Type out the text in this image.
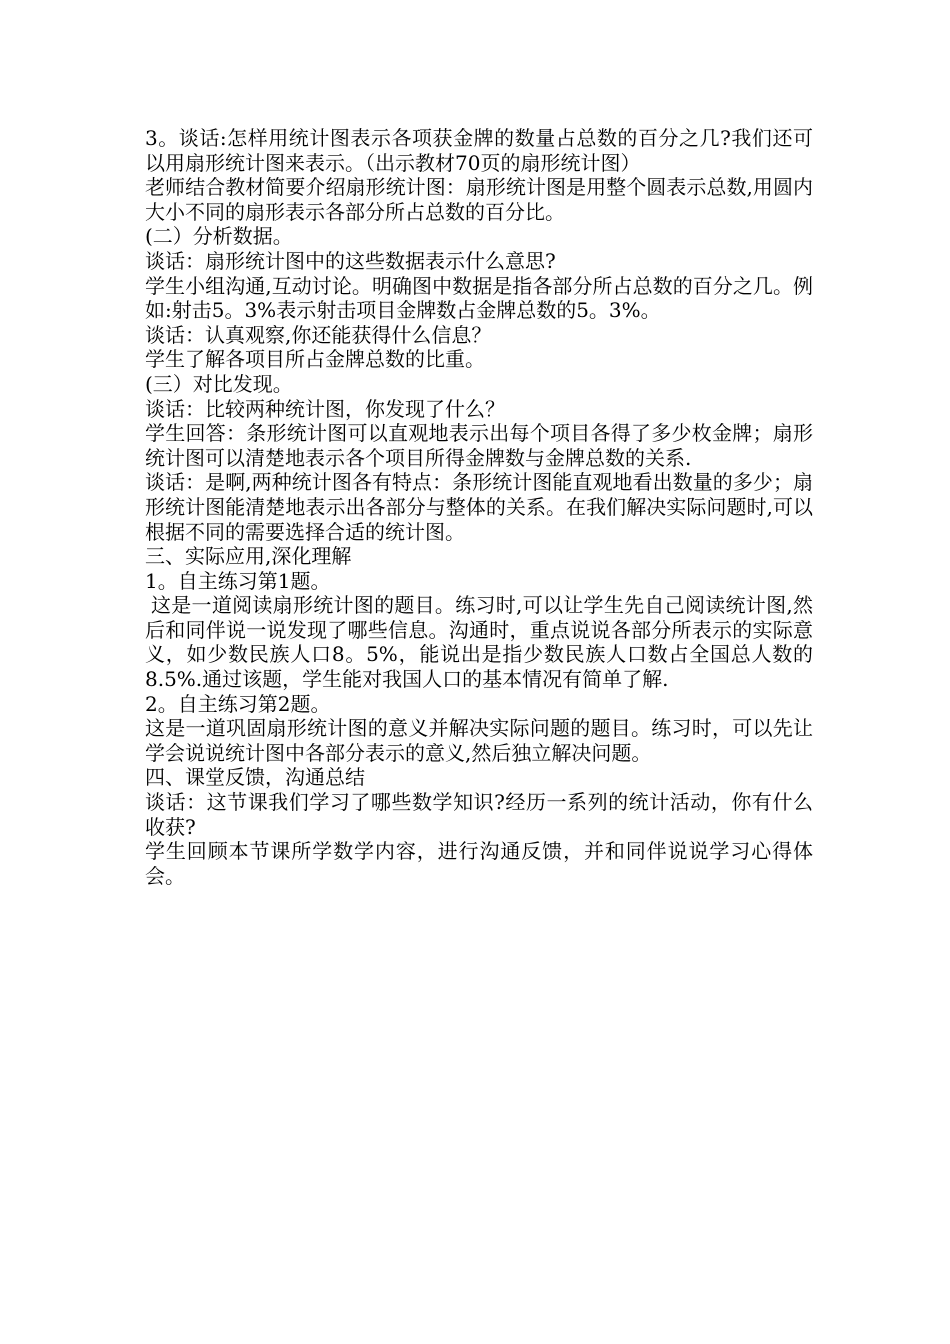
3。谈话:怎样用统计图表示各项获金牌的数量占总数的百分之几?我们还可以用扇形统计图来表示。（出示教材70页的扇形统计图）

老师结合教材简要介绍扇形统计图：扇形统计图是用整个圆表示总数,用圆内大小不同的扇形表示各部分所占总数的百分比。

(二）分析数据。

谈话：扇形统计图中的这些数据表示什么意思?

学生小组沟通,互动讨论。明确图中数据是指各部分所占总数的百分之几。例如:射击5。3%表示射击项目金牌数占金牌总数的5。3%。

谈话：认真观察,你还能获得什么信息？

学生了解各项目所占金牌总数的比重。

(三）对比发现。

谈话：比较两种统计图，你发现了什么？

学生回答：条形统计图可以直观地表示出每个项目各得了多少枚金牌；扇形统计图可以清楚地表示各个项目所得金牌数与金牌总数的关系.

谈话：是啊,两种统计图各有特点：条形统计图能直观地看出数量的多少；扇形统计图能清楚地表示出各部分与整体的关系。在我们解决实际问题时,可以根据不同的需要选择合适的统计图。

三、实际应用,深化理解

1。自主练习第1题。

这是一道阅读扇形统计图的题目。练习时,可以让学生先自己阅读统计图,然后和同伴说一说发现了哪些信息。沟通时，重点说说各部分所表示的实际意义，如少数民族人口8。5%，能说出是指少数民族人口数占全国总人数的8.5%.通过该题，学生能对我国人口的基本情况有简单了解.

2。自主练习第2题。

这是一道巩固扇形统计图的意义并解决实际问题的题目。练习时，可以先让学会说说统计图中各部分表示的意义,然后独立解决问题。

四、课堂反馈，沟通总结

谈话：这节课我们学习了哪些数学知识?经历一系列的统计活动，你有什么收获?

学生回顾本节课所学数学内容，进行沟通反馈，并和同伴说说学习心得体会。
